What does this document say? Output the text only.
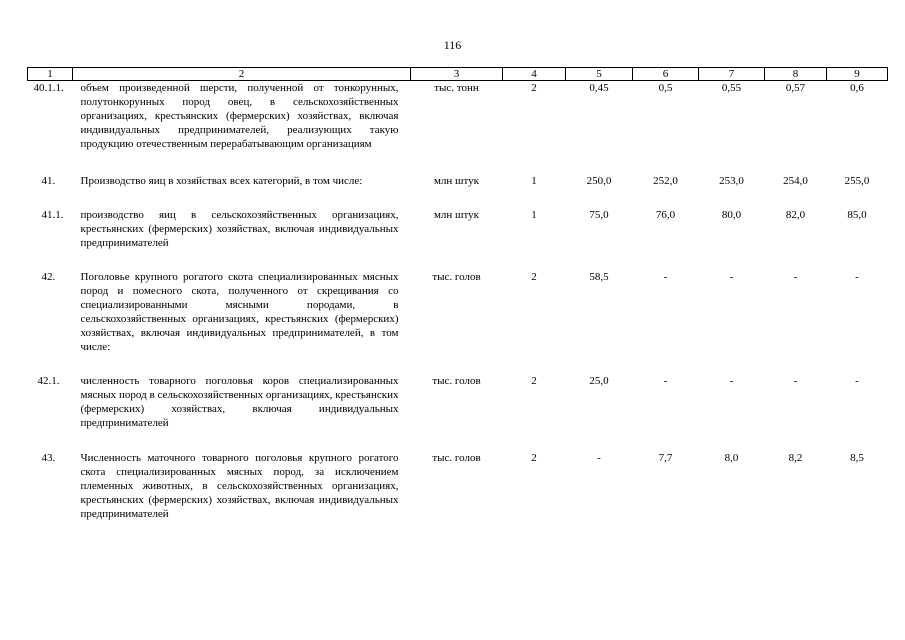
116
1	2	3	4	5	6	7	8	9
40.1.1.	объем произведенной шерсти, полученной от тонкорунных, полутонкорунных пород овец, в сельскохозяйственных организациях, крестьянских (фермерских) хозяйствах, включая индивидуальных предпринимателей, реализующих такую продукцию отечественным перерабатывающим организациям	тыс. тонн	2	0,45	0,5	0,55	0,57	0,6

41.	Производство яиц в хозяйствах всех категорий, в том числе:	млн штук	1	250,0	252,0	253,0	254,0	255,0

41.1.	производство яиц в сельскохозяйственных организациях, крестьянских (фермерских) хозяйствах, включая индивидуальных предпринимателей	млн штук	1	75,0	76,0	80,0	82,0	85,0

42.	Поголовье крупного рогатого скота специализированных мясных пород и помесного скота, полученного от скрещивания со специализированными мясными породами, в сельскохозяйственных организациях, крестьянских (фермерских) хозяйствах, включая индивидуальных предпринимателей, в том числе:	тыс. голов	2	58,5	-	-	-	-

42.1.	численность товарного поголовья коров специализированных мясных пород в сельскохозяйственных организациях, крестьянских (фермерских) хозяйствах, включая индивидуальных предпринимателей	тыс. голов	2	25,0	-	-	-	-

43.	Численность маточного товарного поголовья крупного рогатого скота специализированных мясных пород, за исключением племенных животных, в сельскохозяйственных организациях, крестьянских (фермерских) хозяйствах, включая индивидуальных предпринимателей	тыс. голов	2	-	7,7	8,0	8,2	8,5
